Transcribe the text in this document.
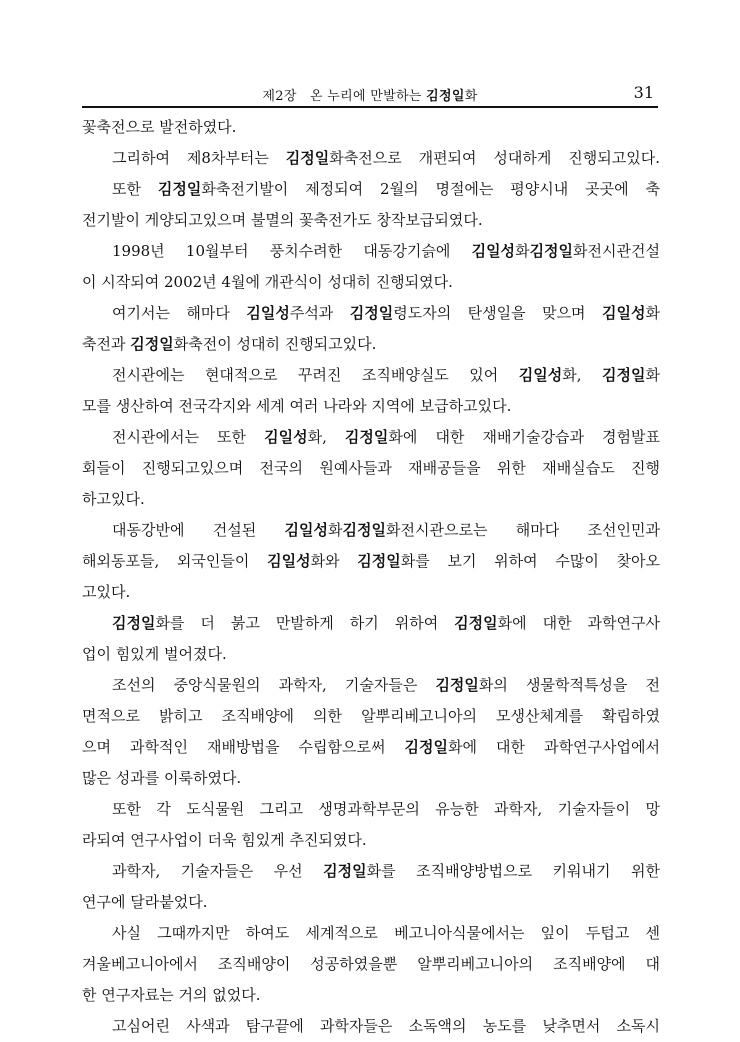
제2장 온 누리에 만발하는 김정일화	31
꽃축전으로 발전하였다.
그리하여 제8차부터는 김정일화축전으로 개편되여 성대하게 진행되고있다.
또한 김정일화축전기발이 제정되여 2월의 명절에는 평양시내 곳곳에 축
전기발이 게양되고있으며 불멸의 꽃축전가도 창작보급되였다.
1998년 10월부터 풍치수려한 대동강기슭에 김일성화김정일화전시관건설
이 시작되여 2002년 4월에 개관식이 성대히 진행되였다.
여기서는 해마다 김일성주석과 김정일령도자의 탄생일을 맞으며 김일성화
축전과 김정일화축전이 성대히 진행되고있다.
전시관에는 현대적으로 꾸려진 조직배양실도 있어 김일성화, 김정일화
모를 생산하여 전국각지와 세계 여러 나라와 지역에 보급하고있다.
전시관에서는 또한 김일성화, 김정일화에 대한 재배기술강습과 경험발표
회들이 진행되고있으며 전국의 원예사들과 재배공들을 위한 재배실습도 진행
하고있다.
대동강반에 건설된 김일성화김정일화전시관으로는 해마다 조선인민과
해외동포들, 외국인들이 김일성화와 김정일화를 보기 위하여 수많이 찾아오
고있다.
김정일화를 더 붉고 만발하게 하기 위하여 김정일화에 대한 과학연구사
업이 힘있게 벌어졌다.
조선의 중앙식물원의 과학자, 기술자들은 김정일화의 생물학적특성을 전
면적으로 밝히고 조직배양에 의한 알뿌리베고니아의 모생산체계를 확립하였
으며 과학적인 재배방법을 수립함으로써 김정일화에 대한 과학연구사업에서
많은 성과를 이룩하였다.
또한 각 도식물원 그리고 생명과학부문의 유능한 과학자, 기술자들이 망
라되여 연구사업이 더욱 힘있게 추진되였다.
과학자, 기술자들은 우선 김정일화를 조직배양방법으로 키워내기 위한
연구에 달라붙었다.
사실 그때까지만 하여도 세계적으로 베고니아식물에서는 잎이 두텁고 센
겨울베고니아에서 조직배양이 성공하였을뿐 알뿌리베고니아의 조직배양에 대
한 연구자료는 거의 없었다.
고심어린 사색과 탐구끝에 과학자들은 소독액의 농도를 낮추면서 소독시
